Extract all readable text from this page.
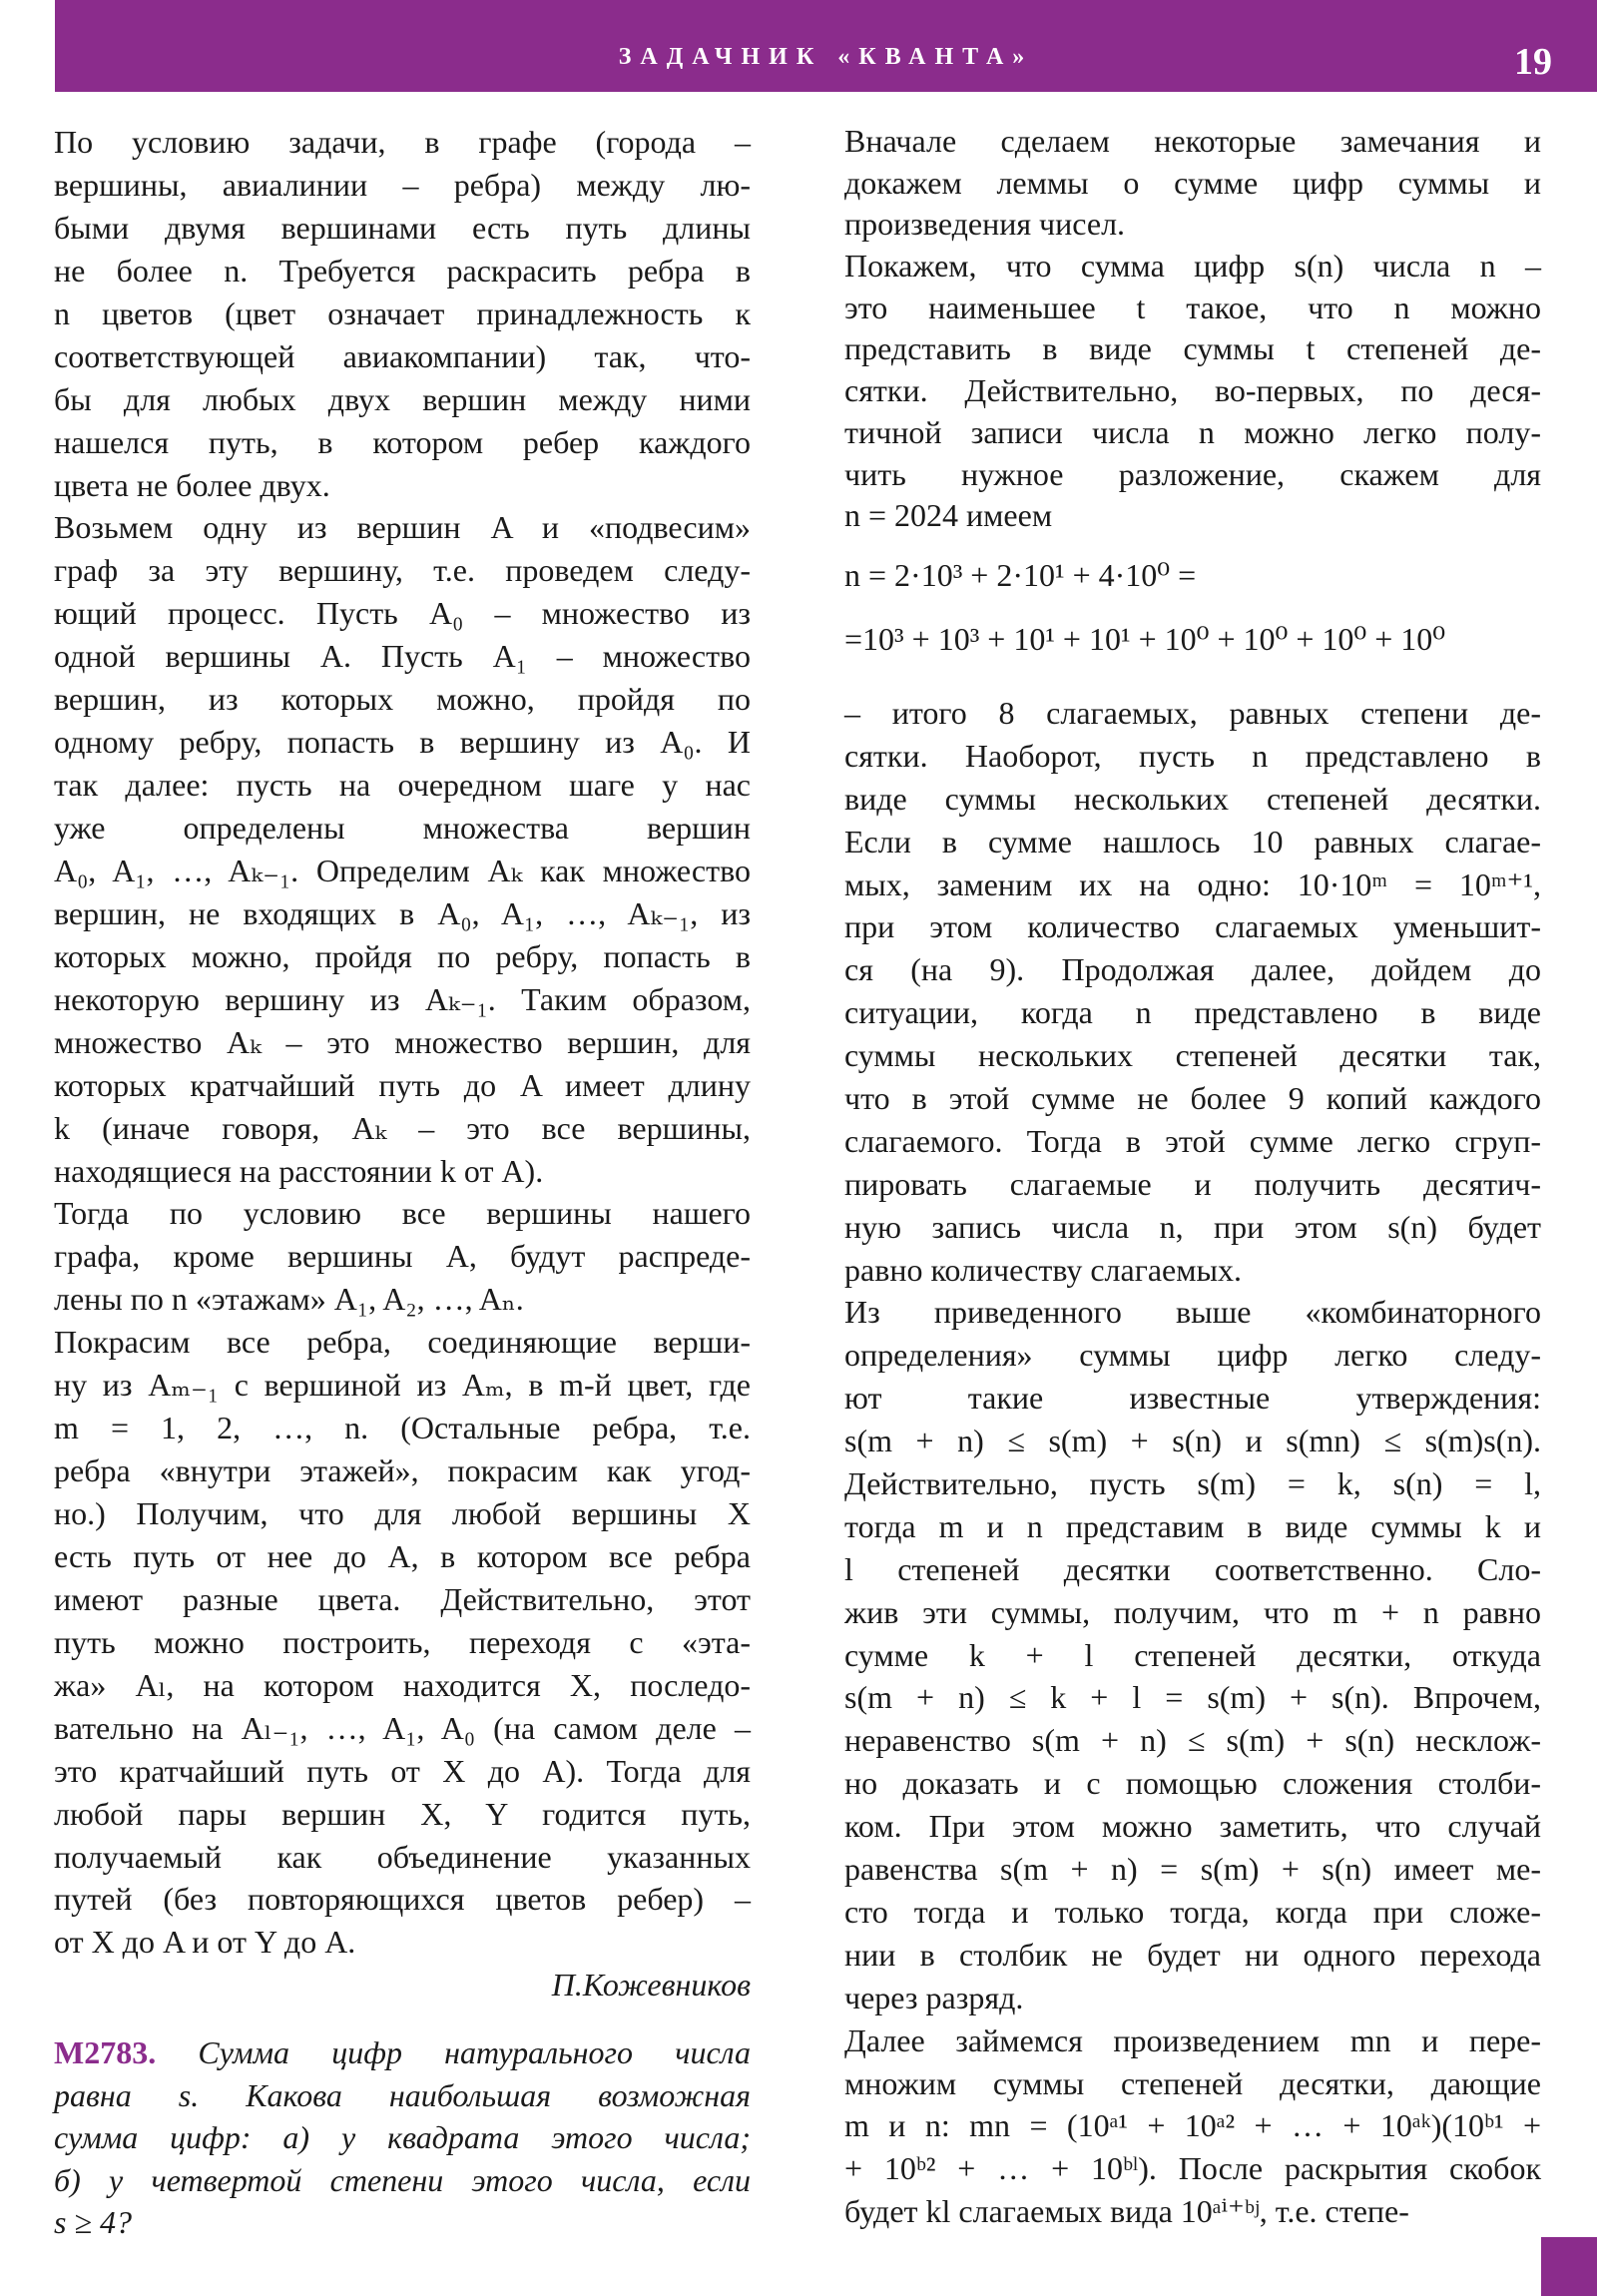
ЗАДАЧНИК «КВАНТА»	19
По условию задачи, в графе (города –
вершины, авиалинии – ребра) между лю-
быми двумя вершинами есть путь длины
не более n. Требуется раскрасить ребра в
n цветов (цвет означает принадлежность к
соответствующей авиакомпании) так, что-
бы для любых двух вершин между ними
нашелся путь, в котором ребер каждого
цвета не более двух.
Возьмем одну из вершин A и «подвесим»
граф за эту вершину, т.е. проведем следу-
ющий процесс. Пусть A₀ – множество из
одной вершины A. Пусть A₁ – множество
вершин, из которых можно, пройдя по
одному ребру, попасть в вершину из A₀. И
так далее: пусть на очередном шаге у нас
уже определены множества вершин
A₀, A₁, …, Aₖ₋₁. Определим Aₖ как множество
вершин, не входящих в A₀, A₁, …, Aₖ₋₁, из
которых можно, пройдя по ребру, попасть в
некоторую вершину из Aₖ₋₁. Таким образом,
множество Aₖ – это множество вершин, для
которых кратчайший путь до A имеет длину
k (иначе говоря, Aₖ – это все вершины,
находящиеся на расстоянии k от A).
Тогда по условию все вершины нашего
графа, кроме вершины A, будут распреде-
лены по n «этажам» A₁, A₂, …, Aₙ.
Покрасим все ребра, соединяющие верши-
ну из Aₘ₋₁ с вершиной из Aₘ, в m-й цвет, где
m = 1, 2, …, n. (Остальные ребра, т.е.
ребра «внутри этажей», покрасим как угод-
но.) Получим, что для любой вершины X
есть путь от нее до A, в котором все ребра
имеют разные цвета. Действительно, этот
путь можно построить, переходя с «эта-
жа» Aₗ, на котором находится X, последо-
вательно на Aₗ₋₁, …, A₁, A₀ (на самом деле –
это кратчайший путь от X до A). Тогда для
любой пары вершин X, Y годится путь,
получаемый как объединение указанных
путей (без повторяющихся цветов ребер) –
от X до A и от Y до A.
П.Кожевников
М2783. Сумма цифр натурального числа
равна s. Какова наибольшая возможная
сумма цифр: а) у квадрата этого числа;
б) у четвертой степени этого числа, если
s ≥ 4?
Вначале сделаем некоторые замечания и
докажем леммы о сумме цифр суммы и
произведения чисел.
Покажем, что сумма цифр s(n) числа n –
это наименьшее t такое, что n можно
представить в виде суммы t степеней де-
сятки. Действительно, во-первых, по деся-
тичной записи числа n можно легко полу-
чить нужное разложение, скажем для
n = 2024 имеем
n = 2·10³ + 2·10¹ + 4·10⁰ =
=10³ + 10³ + 10¹ + 10¹ + 10⁰ + 10⁰ + 10⁰ + 10⁰
– итого 8 слагаемых, равных степени де-
сятки. Наоборот, пусть n представлено в
виде суммы нескольких степеней десятки.
Если в сумме нашлось 10 равных слагае-
мых, заменим их на одно: 10·10ᵐ = 10ᵐ⁺¹,
при этом количество слагаемых уменьшит-
ся (на 9). Продолжая далее, дойдем до
ситуации, когда n представлено в виде
суммы нескольких степеней десятки так,
что в этой сумме не более 9 копий каждого
слагаемого. Тогда в этой сумме легко сгруп-
пировать слагаемые и получить десятич-
ную запись числа n, при этом s(n) будет
равно количеству слагаемых.
Из приведенного выше «комбинаторного
определения» суммы цифр легко следу-
ют такие известные утверждения:
s(m + n) ≤ s(m) + s(n) и s(mn) ≤ s(m)s(n).
Действительно, пусть s(m) = k, s(n) = l,
тогда m и n представим в виде суммы k и
l степеней десятки соответственно. Сло-
жив эти суммы, получим, что m + n равно
сумме k + l степеней десятки, откуда
s(m + n) ≤ k + l = s(m) + s(n). Впрочем,
неравенство s(m + n) ≤ s(m) + s(n) несклож-
но доказать и с помощью сложения столби-
ком. При этом можно заметить, что случай
равенства s(m + n) = s(m) + s(n) имеет ме-
сто тогда и только тогда, когда при сложе-
нии в столбик не будет ни одного перехода
через разряд.
Далее займемся произведением mn и пере-
множим суммы степеней десятки, дающие
m и n: mn = (10ᵃ¹ + 10ᵃ² + … + 10ᵃᵏ)(10ᵇ¹ +
+ 10ᵇ² + … + 10ᵇˡ). После раскрытия скобок
будет kl слагаемых вида 10ᵃⁱ⁺ᵇʲ, т.е. степе-
